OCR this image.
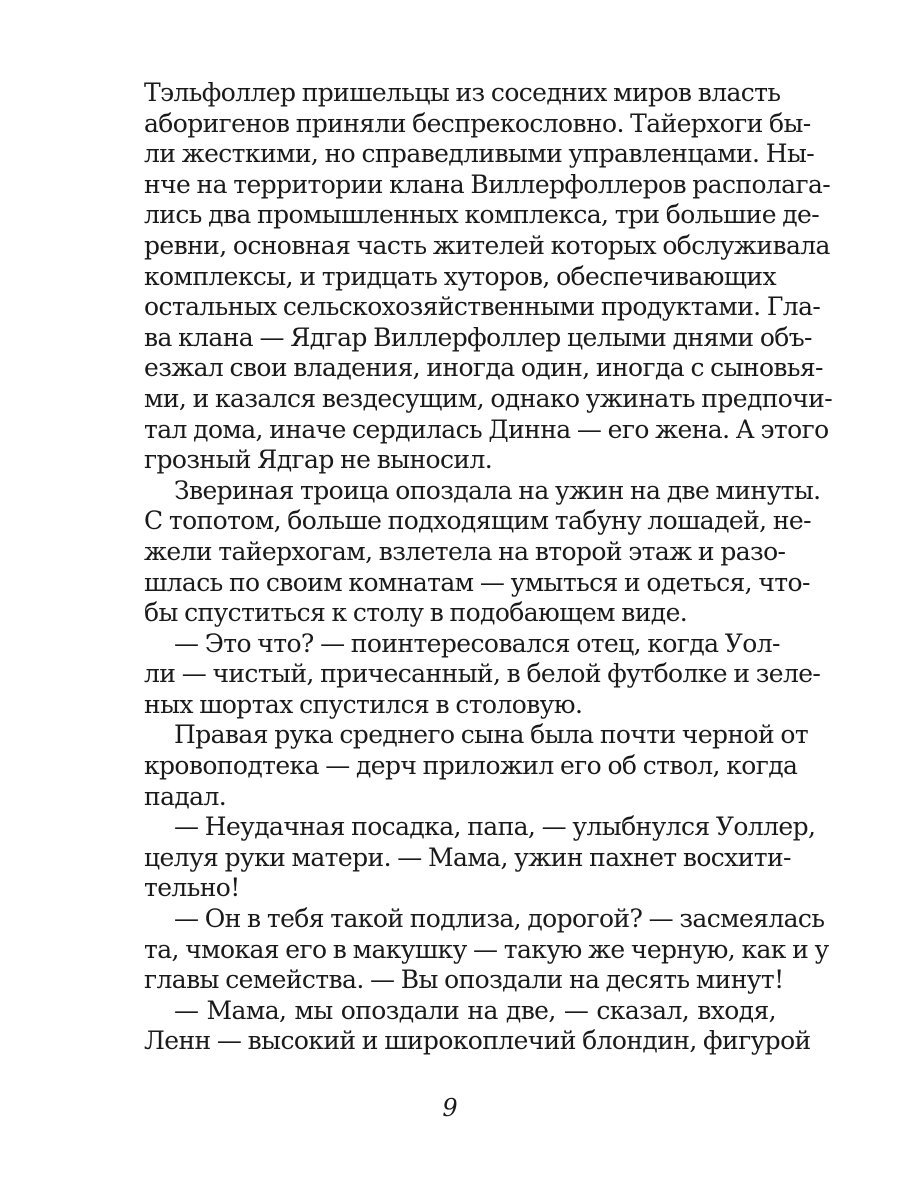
Тэльфоллер пришельцы из соседних миров власть
аборигенов приняли беспрекословно. Тайерхоги бы-
ли жесткими, но справедливыми управленцами. Ны-
нче на территории клана Виллерфоллеров располага-
лись два промышленных комплекса, три большие де-
ревни, основная часть жителей которых обслуживала
комплексы, и тридцать хуторов, обеспечивающих
остальных сельскохозяйственными продуктами. Гла-
ва клана — Ядгар Виллерфоллер целыми днями объ-
езжал свои владения, иногда один, иногда с сыновья-
ми, и казался вездесущим, однако ужинать предпочи-
тал дома, иначе сердилась Динна — его жена. А этого
грозный Ядгар не выносил.
Звериная троица опоздала на ужин на две минуты.
С топотом, больше подходящим табуну лошадей, не-
жели тайерхогам, взлетела на второй этаж и разо-
шлась по своим комнатам — умыться и одеться, что-
бы спуститься к столу в подобающем виде.
— Это что? — поинтересовался отец, когда Уол-
ли — чистый, причесанный, в белой футболке и зеле-
ных шортах спустился в столовую.
Правая рука среднего сына была почти черной от
кровоподтека — дерч приложил его об ствол, когда
падал.
— Неудачная посадка, папа, — улыбнулся Уоллер,
целуя руки матери. — Мама, ужин пахнет восхити-
тельно!
— Он в тебя такой подлиза, дорогой? — засмеялась
та, чмокая его в макушку — такую же черную, как и у
главы семейства. — Вы опоздали на десять минут!
— Мама, мы опоздали на две, — сказал, входя,
Ленн — высокий и широкоплечий блондин, фигурой
9
